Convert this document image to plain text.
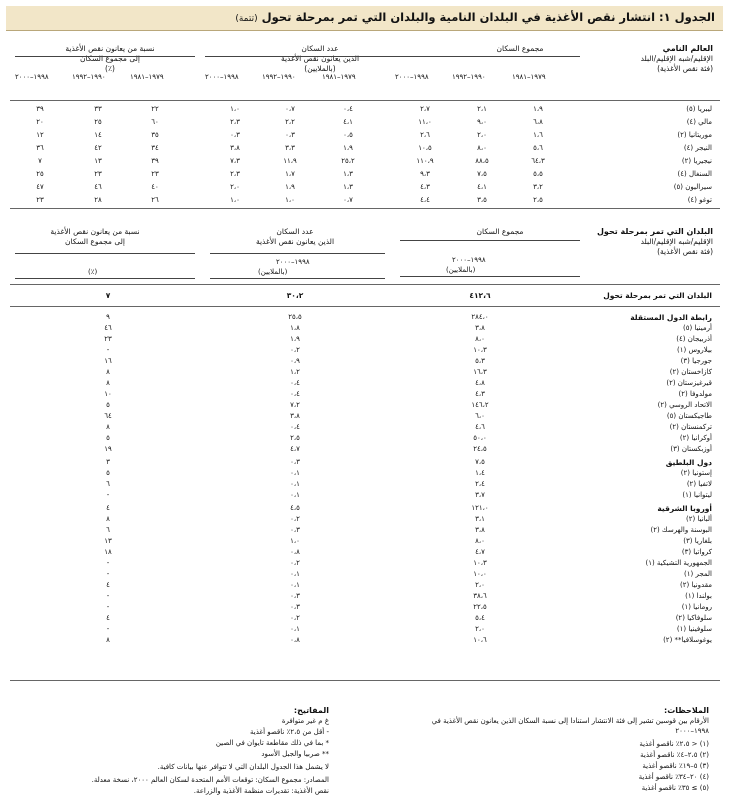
الجدول ١: انتشار نقص الأغذية في البلدان النامية والبلدان التي تمر بمرحلة تحول (تتمة)
العالم النامي
الإقليم/شبه الإقليم/البلد
(فئة نقص الأغذية)
مجموع السكان
عدد السكان
الذين يعانون نقص الأغذية
(بالملايين)
نسبة من يعانون نقص الأغذية
إلى مجموع السكان
(٪)
١٩٧٩–١٩٨١
١٩٩٠–١٩٩٢
١٩٩٨–٢٠٠٠
١٩٧٩–١٩٨١
١٩٩٠–١٩٩٢
١٩٩٨–٢٠٠٠
١٩٧٩–١٩٨١
١٩٩٠–١٩٩٢
١٩٩٨–٢٠٠٠
ليبريا (٥)
١،٩
٢،١
٢،٧
٠،٤
٠،٧
١،٠
٢٢
٣٣
٣٩
مالي (٤)
٦،٨
٩،٠
١١،٠
٤،١
٢،٢
٢،٣
٦٠
٢٥
٢٠
موريتانيا (٢)
١،٦
٢،٠
٢،٦
٠،٥
٠،٣
٠،٣
٣٥
١٤
١٢
النيجر (٤)
٥،٦
٨،٠
١٠،٥
١،٩
٣،٣
٣،٨
٣٤
٤٢
٣٦
نيجيريا (٢)
٦٤،٣
٨٨،٥
١١٠،٩
٢٥،٢
١١،٩
٧،٣
٣٩
١٣
٧
السنغال (٤)
٥،٥
٧،٥
٩،٣
١،٣
١،٧
٢،٣
٢٣
٢٣
٢٥
سيراليون (٥)
٣،٢
٤،١
٤،٣
١،٣
١،٩
٢،٠
٤٠
٤٦
٤٧
توغو (٤)
٢،٥
٣،٥
٤،٤
٠،٧
١،٠
١،٠
٢٦
٢٨
٢٣
البلدان التي تمر بمرحلة تحول
الإقليم/شبه الإقليم/البلد
(فئة نقص الأغذية)
مجموع السكان
عدد السكان
الذين يعانون نقص الأغذية
نسبة من يعانون نقص الأغذية
إلى مجموع السكان
١٩٩٨–٢٠٠٠
(بالملايين)
١٩٩٨–٢٠٠٠
(بالملايين)
(٪)
البلدان التي تمر بمرحلة تحول
٤١٢،٦
٣٠،٢
٧
رابطة الدول المستقلة
٢٨٤،٠
٢٥،٥
٩
أرمينيا (٥)
٣،٨
١،٨
٤٦
أذربيجان (٤)
٨،٠
١،٩
٢٣
بيلاروس (١)
١٠،٣
٠،٢
-
جورجيا (٣)
٥،٣
٠،٩
١٦
كازاخستان (٢)
١٦،٣
١،٢
٨
قيرغيزستان (٢)
٤،٨
٠،٤
٨
مولدوفا (٢)
٤،٣
٠،٤
١٠
الاتحاد الروسي (٢)
١٤٦،٢
٧،٢
٥
طاجيكستان (٥)
٦،٠
٣،٨
٦٤
تركمنستان (٢)
٤،٦
٠،٤
٨
أوكرانيا (٢)
٥٠،٠
٢،٥
٥
أوزبكستان (٣)
٢٤،٥
٤،٧
١٩
دول البلطيق
٧،٥
٠،٣
٣
إستونيا (٢)
١،٤
٠،١
٥
لاتفيا (٢)
٢،٤
٠،١
٦
ليتوانيا (١)
٣،٧
٠،١
-
أوروبا الشرقية
١٢١،٠
٤،٥
٤
ألبانيا (٢)
٣،١
٠،٢
٨
البوسنة والهرسك (٢)
٣،٨
٠،٣
٦
بلغاريا (٣)
٨،٠
١،٠
١٣
كرواتيا (٣)
٤،٧
٠،٨
١٨
الجمهورية التشيكية (١)
١٠،٣
٠،٢
-
المجر (١)
١٠،٠
٠،١
-
مقدونيا (٢)
٢،٠
٠،١
٤
بولندا (١)
٣٨،٦
٠،٣
-
رومانيا (١)
٢٢،٥
٠،٣
-
سلوفاكيا (٢)
٥،٤
٠،٢
٤
سلوفينيا (١)
٢،٠
٠،١
-
يوغوسلافيا** (٢)
١٠،٦
٠،٨
٨
الملاحظات:
الأرقام بين قوسين تشير إلى فئة الانتشار استنادا إلى نسبة السكان الذين يعانون نقص الأغذية في
١٩٩٨–٢٠٠٠
(١) < ٢،٥٪ ناقصو أغذية
(٢) ٢،٥–٤٪ ناقصو أغذية
(٣) ٥–١٩٪ ناقصو أغذية
(٤) ٢٠–٣٤٪ ناقصو أغذية
(٥) ≥ ٣٥٪ ناقصو أغذية
المفاتيح:
غ م غير متوافرة
- أقل من ٢،٥٪ ناقصو أغذية
* بما في ذلك مقاطعة تايوان في الصين
** صربيا والجبل الأسود
لا يشمل هذا الجدول البلدان التي لا تتوافر عنها بيانات كافية.
المصادر: مجموع السكان: توقعات الأمم المتحدة لسكان العالم ٢٠٠٠، نسخة معدلة.
نقص الأغذية: تقديرات منظمة الأغذية والزراعة.
